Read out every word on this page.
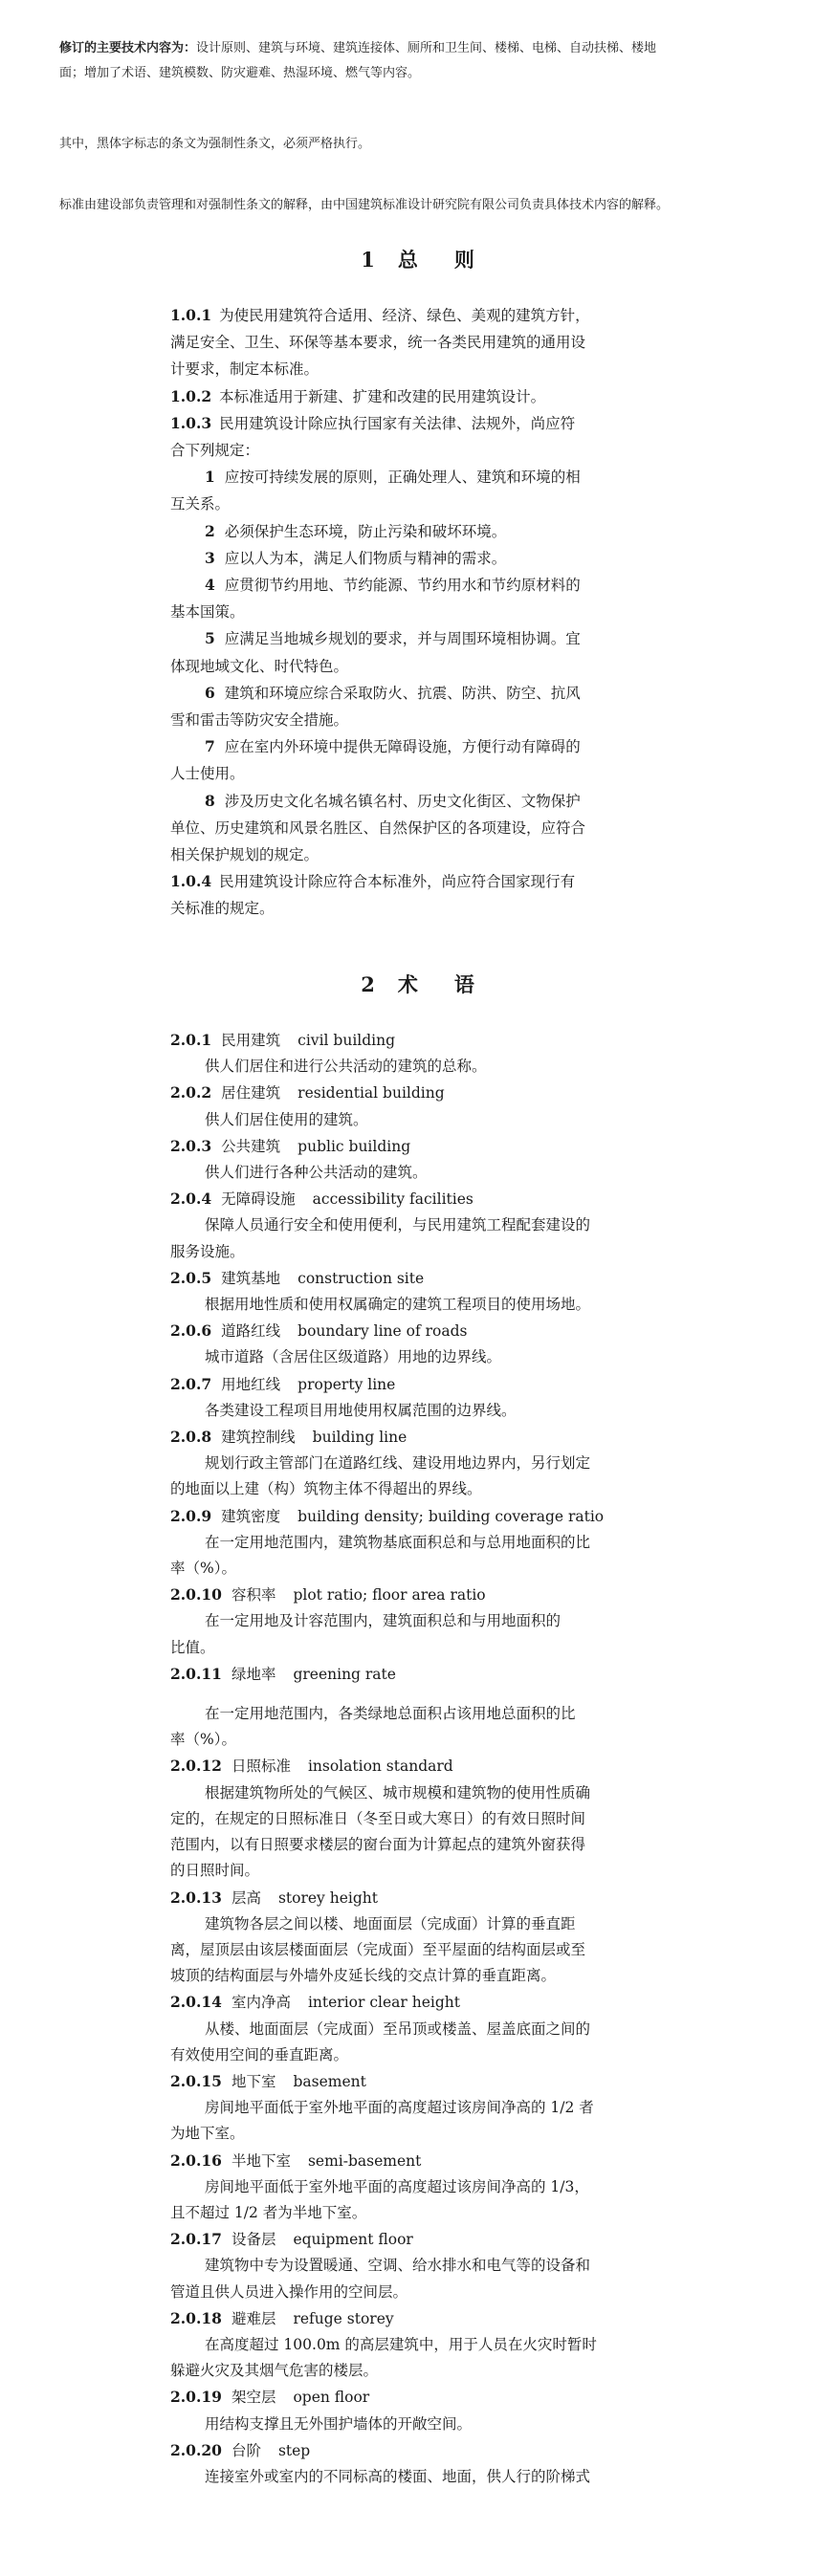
修订的主要技术内容为：设计原则、建筑与环境、建筑连接体、厕所和卫生间、楼梯、电梯、自动扶梯、楼地
面；增加了术语、建筑模数、防灾避难、热湿环境、燃气等内容。
其中，黑体字标志的条文为强制性条文，必须严格执行。
标准由建设部负责管理和对强制性条文的解释，由中国建筑标准设计研究院有限公司负责具体技术内容的解释。
1 总 则
1.0.1 为使民用建筑符合适用、经济、绿色、美观的建筑方针，
满足安全、卫生、环保等基本要求，统一各类民用建筑的通用设
计要求，制定本标准。
1.0.2 本标准适用于新建、扩建和改建的民用建筑设计。
1.0.3 民用建筑设计除应执行国家有关法律、法规外，尚应符
合下列规定：
1 应按可持续发展的原则，正确处理人、建筑和环境的相
互关系。
2 必须保护生态环境，防止污染和破坏环境。
3 应以人为本，满足人们物质与精神的需求。
4 应贯彻节约用地、节约能源、节约用水和节约原材料的
基本国策。
5 应满足当地城乡规划的要求，并与周围环境相协调。宜
体现地域文化、时代特色。
6 建筑和环境应综合采取防火、抗震、防洪、防空、抗风
雪和雷击等防灾安全措施。
7 应在室内外环境中提供无障碍设施，方便行动有障碍的
人士使用。
8 涉及历史文化名城名镇名村、历史文化街区、文物保护
单位、历史建筑和风景名胜区、自然保护区的各项建设，应符合
相关保护规划的规定。
1.0.4 民用建筑设计除应符合本标准外，尚应符合国家现行有
关标准的规定。
2 术 语
2.0.1 民用建筑 civil building
供人们居住和进行公共活动的建筑的总称。
2.0.2 居住建筑 residential building
供人们居住使用的建筑。
2.0.3 公共建筑 public building
供人们进行各种公共活动的建筑。
2.0.4 无障碍设施 accessibility facilities
保障人员通行安全和使用便利，与民用建筑工程配套建设的
服务设施。
2.0.5 建筑基地 construction site
根据用地性质和使用权属确定的建筑工程项目的使用场地。
2.0.6 道路红线 boundary line of roads
城市道路（含居住区级道路）用地的边界线。
2.0.7 用地红线 property line
各类建设工程项目用地使用权属范围的边界线。
2.0.8 建筑控制线 building line
规划行政主管部门在道路红线、建设用地边界内，另行划定
的地面以上建（构）筑物主体不得超出的界线。
2.0.9 建筑密度 building density; building coverage ratio
在一定用地范围内，建筑物基底面积总和与总用地面积的比
率（%）。
2.0.10 容积率 plot ratio; floor area ratio
在一定用地及计容范围内，建筑面积总和与用地面积的
比值。
2.0.11 绿地率 greening rate
在一定用地范围内，各类绿地总面积占该用地总面积的比
率（%）。
2.0.12 日照标准 insolation standard
根据建筑物所处的气候区、城市规模和建筑物的使用性质确
定的，在规定的日照标准日（冬至日或大寒日）的有效日照时间
范围内，以有日照要求楼层的窗台面为计算起点的建筑外窗获得
的日照时间。
2.0.13 层高 storey height
建筑物各层之间以楼、地面面层（完成面）计算的垂直距
离，屋顶层由该层楼面面层（完成面）至平屋面的结构面层或至
坡顶的结构面层与外墙外皮延长线的交点计算的垂直距离。
2.0.14 室内净高 interior clear height
从楼、地面面层（完成面）至吊顶或楼盖、屋盖底面之间的
有效使用空间的垂直距离。
2.0.15 地下室 basement
房间地平面低于室外地平面的高度超过该房间净高的 1/2 者
为地下室。
2.0.16 半地下室 semi-basement
房间地平面低于室外地平面的高度超过该房间净高的 1/3，
且不超过 1/2 者为半地下室。
2.0.17 设备层 equipment floor
建筑物中专为设置暖通、空调、给水排水和电气等的设备和
管道且供人员进入操作用的空间层。
2.0.18 避难层 refuge storey
在高度超过 100.0m 的高层建筑中，用于人员在火灾时暂时
躲避火灾及其烟气危害的楼层。
2.0.19 架空层 open floor
用结构支撑且无外围护墙体的开敞空间。
2.0.20 台阶 step
连接室外或室内的不同标高的楼面、地面，供人行的阶梯式
